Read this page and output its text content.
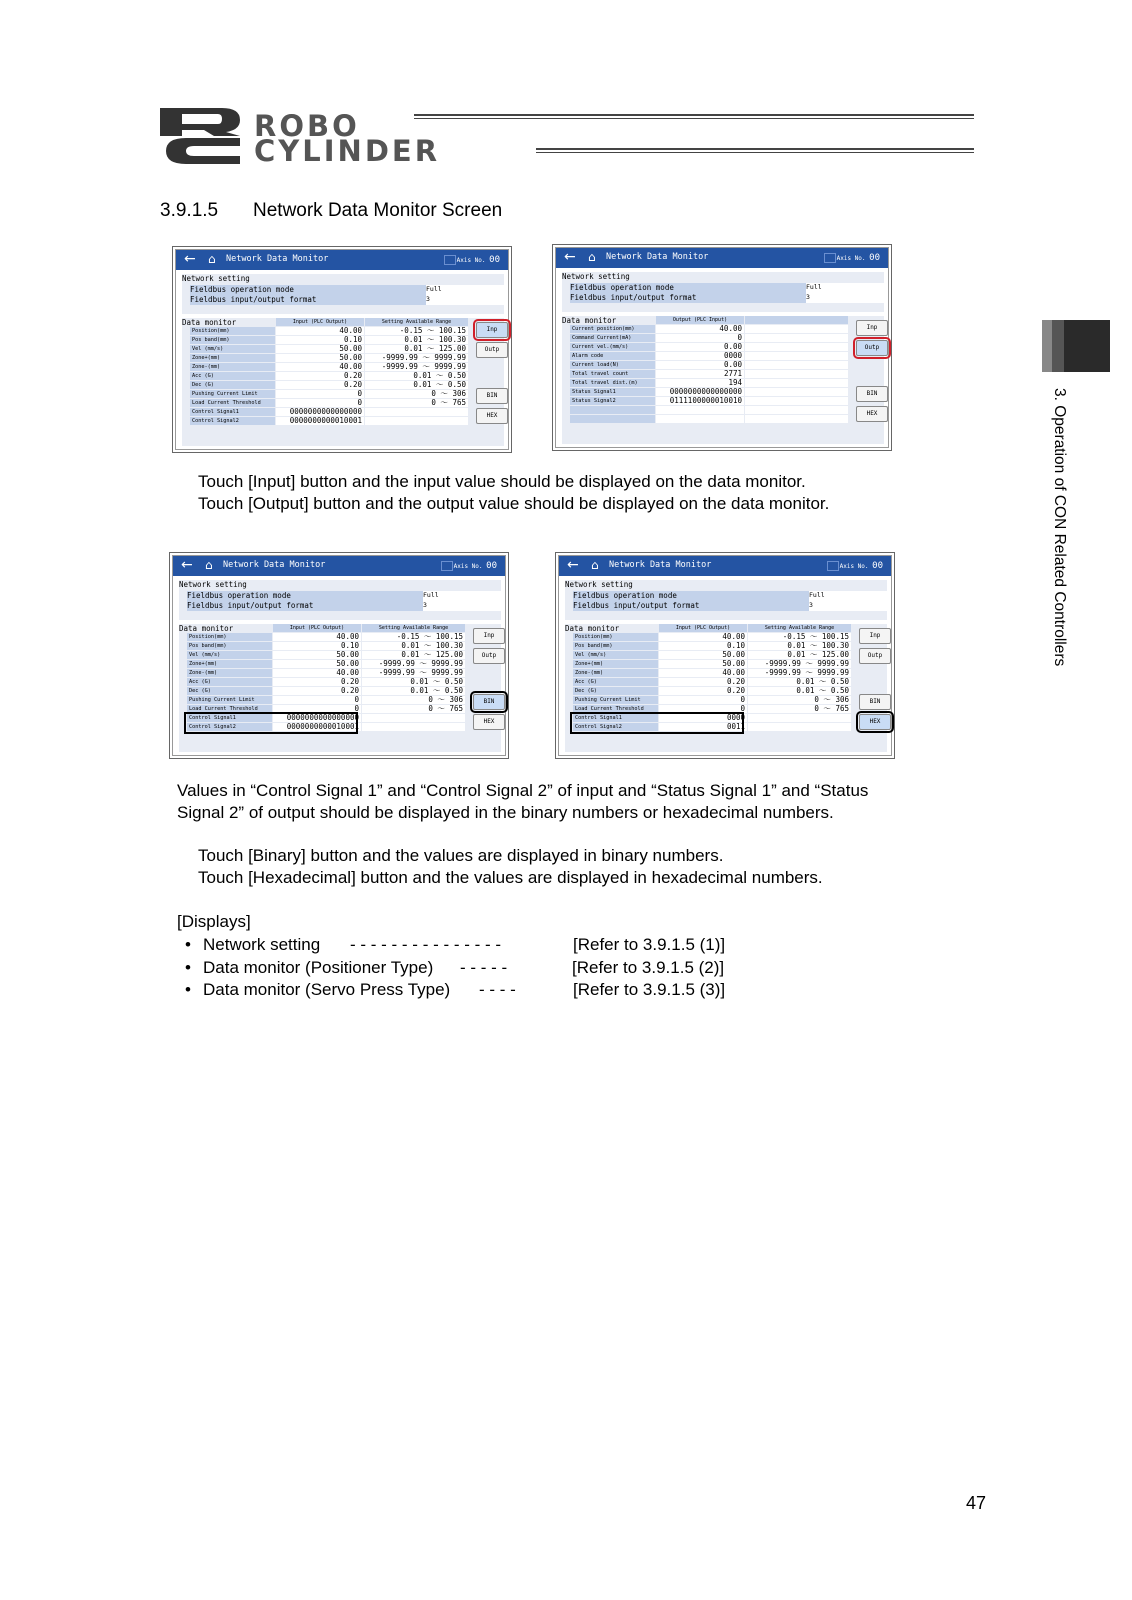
ROBO
CYLINDER
3.9.1.5 Network Data Monitor Screen
3. Operation of CON Related Controllers
← ⌂ Network Data Monitor	Axis No. 00
Network setting
Fieldbus operation mode	Full
Fieldbus input/output format	3
Data monitor	Input (PLC Output)	Setting Available Range
Position(mm)	40.00	-0.15 ～ 100.15
Pos band(mm)	0.10	0.01 ～ 100.30
Vel (mm/s)	50.00	0.01 ～ 125.00
Zone+(mm)	50.00	-9999.99 ～ 9999.99
Zone-(mm)	40.00	-9999.99 ～ 9999.99
Acc (G)	0.20	0.01 ～ 0.50
Dec (G)	0.20	0.01 ～ 0.50
Pushing Current Limit	0	0 ～ 306
Load Current Threshold	0	0 ～ 765
Control Signal1	0000000000000000
Control Signal2	0000000000010001
Inp
Outp
BIN
HEX
← ⌂ Network Data Monitor	Axis No. 00
Network setting
Fieldbus operation mode	Full
Fieldbus input/output format	3
Data monitor	Output (PLC Input)
Current position(mm)	40.00
Command Current(mA)	0
Current vel.(mm/s)	0.00
Alarm code	0000
Current load(N)	0.00
Total travel count	2771
Total travel dist.(m)	194
Status Signal1	0000000000000000
Status Signal2	0111100000010010
Inp
Outp
BIN
HEX
← ⌂ Network Data Monitor	Axis No. 00
Network setting
Fieldbus operation mode	Full
Fieldbus input/output format	3
Data monitor	Input (PLC Output)	Setting Available Range
Position(mm)	40.00	-0.15 ～ 100.15
Pos band(mm)	0.10	0.01 ～ 100.30
Vel (mm/s)	50.00	0.01 ～ 125.00
Zone+(mm)	50.00	-9999.99 ～ 9999.99
Zone-(mm)	40.00	-9999.99 ～ 9999.99
Acc (G)	0.20	0.01 ～ 0.50
Dec (G)	0.20	0.01 ～ 0.50
Pushing Current Limit	0	0 ～ 306
Load Current Threshold	0	0 ～ 765
Control Signal1	0000000000000000
Control Signal2	0000000000010001
Inp
Outp
BIN
HEX
← ⌂ Network Data Monitor	Axis No. 00
Network setting
Fieldbus operation mode	Full
Fieldbus input/output format	3
Data monitor	Input (PLC Output)	Setting Available Range
Position(mm)	40.00	-0.15 ～ 100.15
Pos band(mm)	0.10	0.01 ～ 100.30
Vel (mm/s)	50.00	0.01 ～ 125.00
Zone+(mm)	50.00	-9999.99 ～ 9999.99
Zone-(mm)	40.00	-9999.99 ～ 9999.99
Acc (G)	0.20	0.01 ～ 0.50
Dec (G)	0.20	0.01 ～ 0.50
Pushing Current Limit	0	0 ～ 306
Load Current Threshold	0	0 ～ 765
Control Signal1	0000
Control Signal2	0011
Inp
Outp
BIN
HEX
Touch [Input] button and the input value should be displayed on the data monitor.
Touch [Output] button and the output value should be displayed on the data monitor.
Values in “Control Signal 1” and “Control Signal 2” of input and “Status Signal 1” and “Status
Signal 2” of output should be displayed in the binary numbers or hexadecimal numbers.
Touch [Binary] button and the values are displayed in binary numbers.
Touch [Hexadecimal] button and the values are displayed in hexadecimal numbers.
[Displays]
• Network setting - - - - - - - - - - - - - - -	[Refer to 3.9.1.5 (1)]
• Data monitor (Positioner Type) - - - - -	[Refer to 3.9.1.5 (2)]
• Data monitor (Servo Press Type) - - - -	[Refer to 3.9.1.5 (3)]
47
